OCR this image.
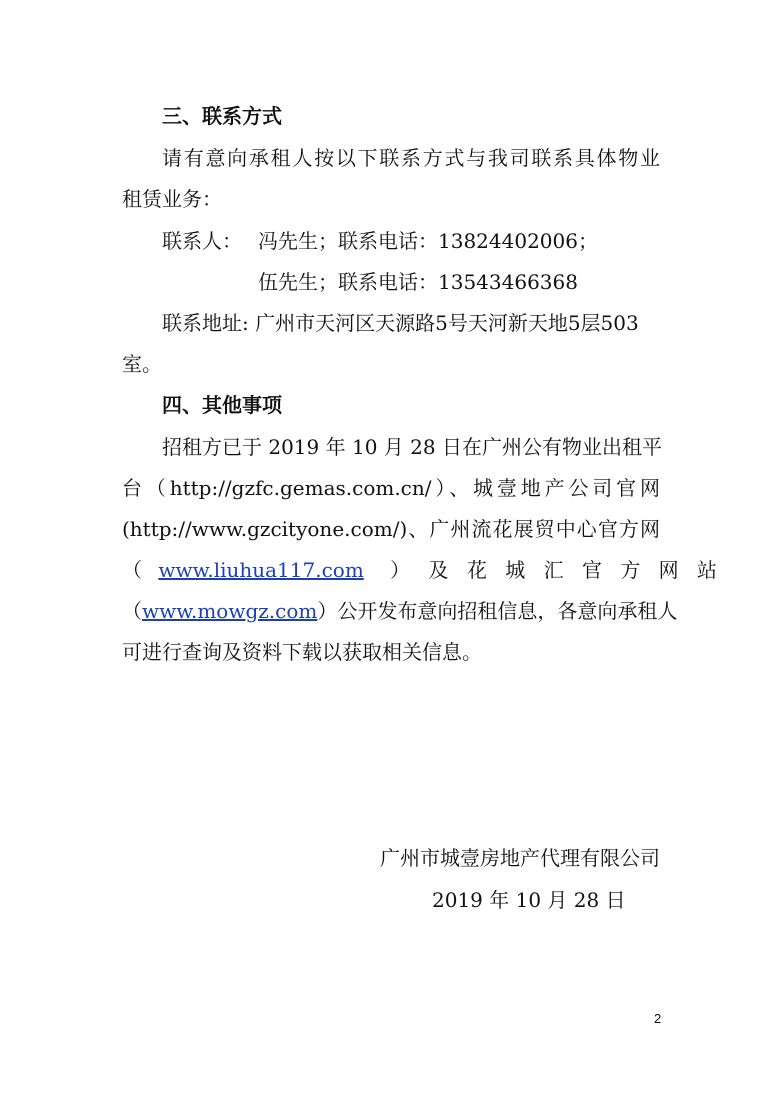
三、联系方式
请有意向承租人按以下联系方式与我司联系具体物业
租赁业务：
联系人： 冯先生；联系电话：13824402006；
伍先生；联系电话：13543466368
联系地址: 广州市天河区天源路5号天河新天地5层503
室。
四、其他事项
招租方已于 2019 年 10 月 28 日在广州公有物业出租平
台（http://gzfc.gemas.com.cn/）、城壹地产公司官网
(http://www.gzcityone.com/)、广州流花展贸中心官方网
（ www.liuhua117.com ） 及 花 城 汇 官 方 网 站
（www.mowgz.com）公开发布意向招租信息，各意向承租人
可进行查询及资料下载以获取相关信息。
广州市城壹房地产代理有限公司
2019 年 10 月 28 日
2
